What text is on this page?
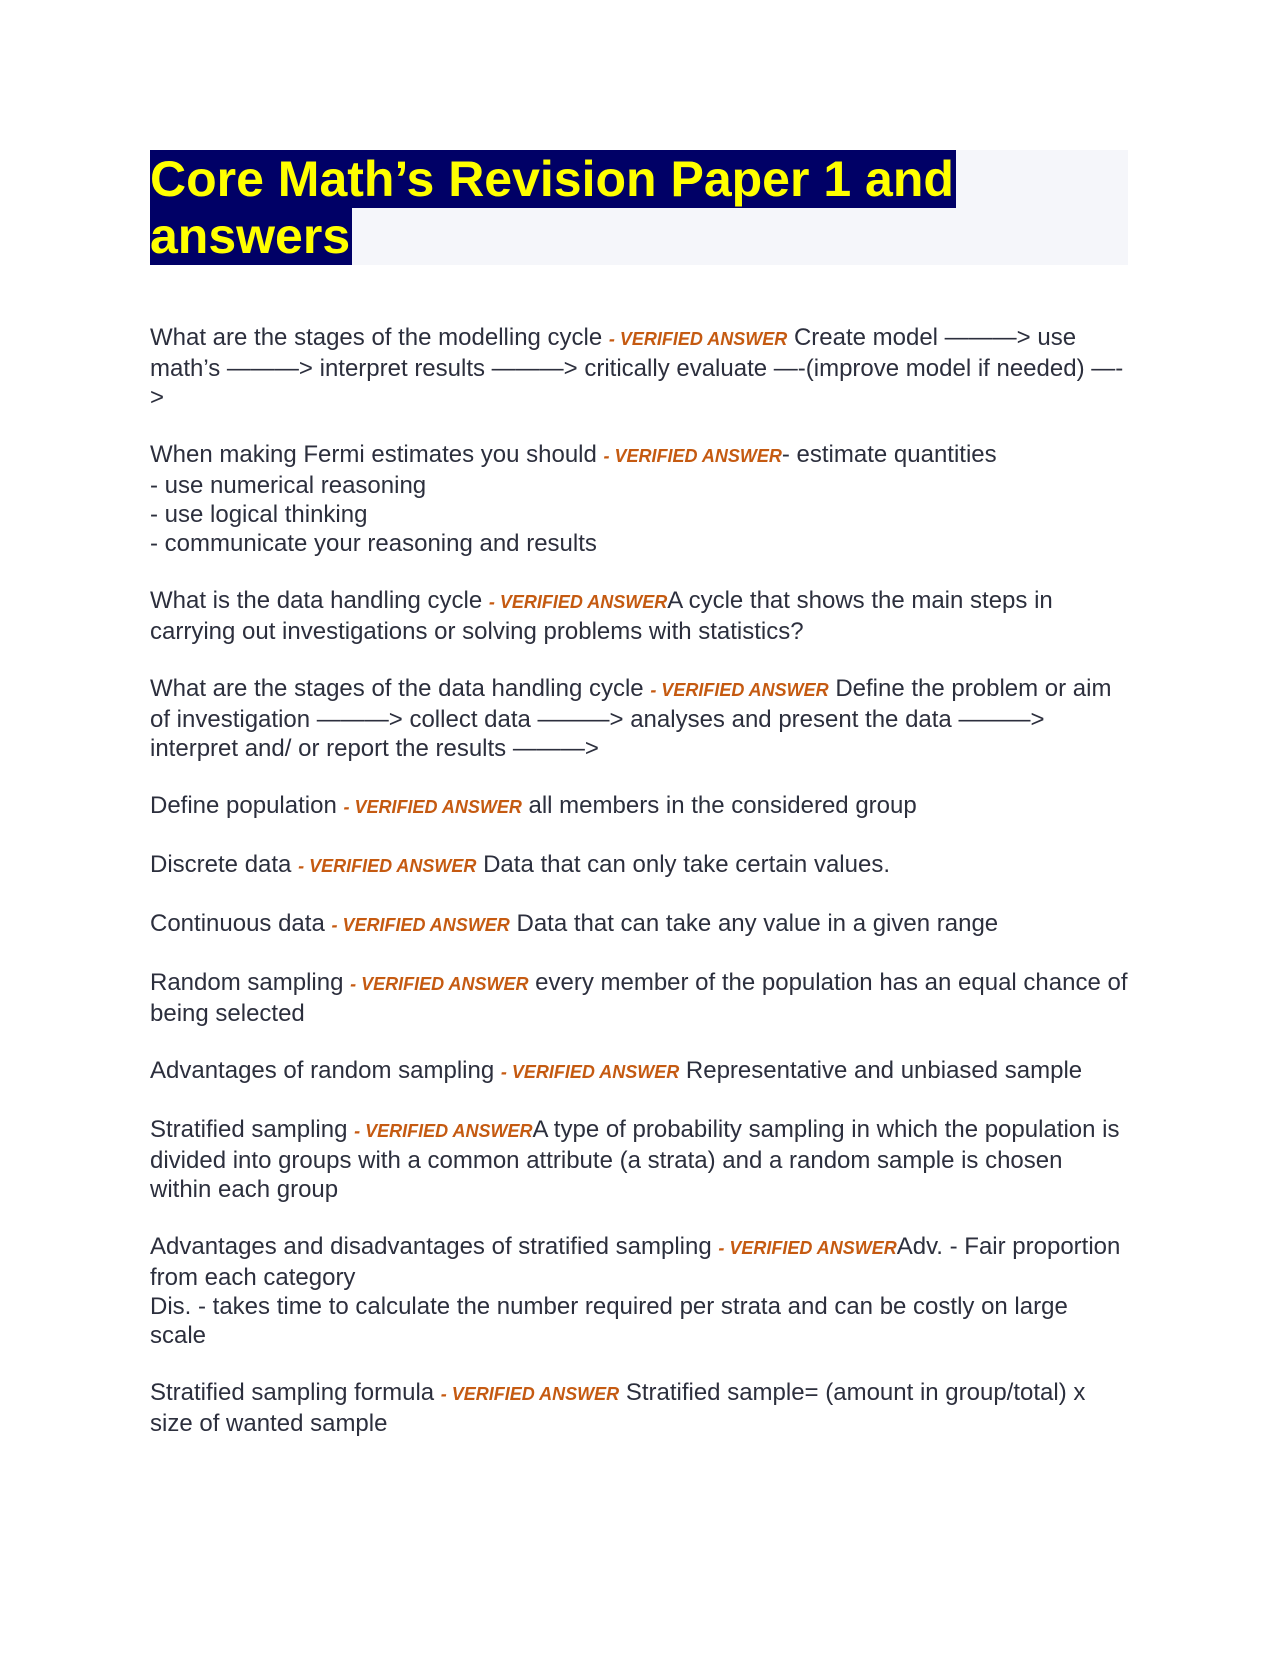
Core Math’s Revision Paper 1 and
answers

What are the stages of the modelling cycle - VERIFIED ANSWER Create model ———> use math’s ———> interpret results ———> critically evaluate —-(improve model if needed) —->

When making Fermi estimates you should - VERIFIED ANSWER- estimate quantities
- use numerical reasoning
- use logical thinking
- communicate your reasoning and results

What is the data handling cycle - VERIFIED ANSWERA cycle that shows the main steps in carrying out investigations or solving problems with statistics?

What are the stages of the data handling cycle - VERIFIED ANSWER Define the problem or aim of investigation ———> collect data ———> analyses and present the data ———> interpret and/ or report the results ———>

Define population - VERIFIED ANSWER all members in the considered group

Discrete data - VERIFIED ANSWER Data that can only take certain values.

Continuous data - VERIFIED ANSWER Data that can take any value in a given range

Random sampling - VERIFIED ANSWER every member of the population has an equal chance of being selected

Advantages of random sampling - VERIFIED ANSWER Representative and unbiased sample

Stratified sampling - VERIFIED ANSWERA type of probability sampling in which the population is divided into groups with a common attribute (a strata) and a random sample is chosen within each group

Advantages and disadvantages of stratified sampling - VERIFIED ANSWERAdv. - Fair proportion from each category
Dis. - takes time to calculate the number required per strata and can be costly on large scale

Stratified sampling formula - VERIFIED ANSWER Stratified sample= (amount in group/total) x size of wanted sample
